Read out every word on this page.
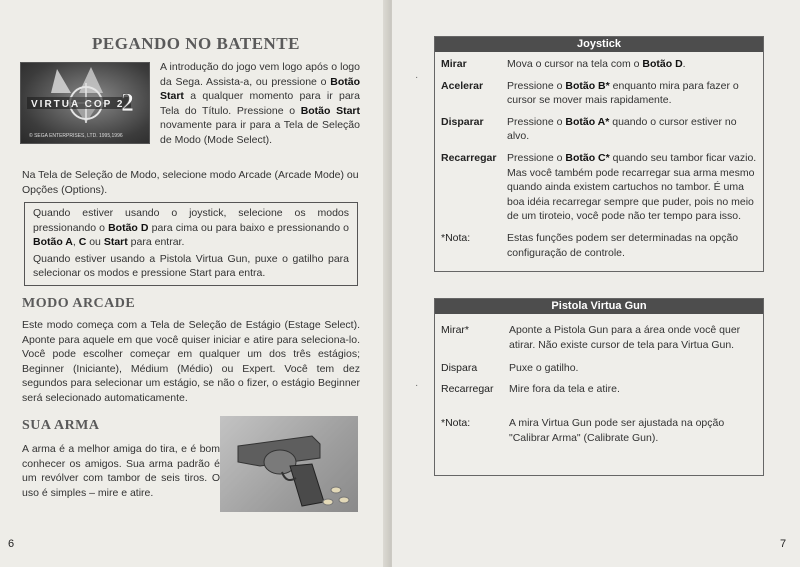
PEGANDO NO BATENTE
VIRTUA COP 2
2
© SEGA ENTERPRISES, LTD. 1995,1996

A introdução do jogo vem logo após o logo da Sega. Assista-a, ou pressione o Botão Start a qualquer momento para ir para Tela do Título. Pressione o Botão Start novamente para ir para a Tela de Seleção de Modo (Mode Select).

Na Tela de Seleção de Modo, selecione modo Arcade (Arcade Mode) ou Opções (Options).

Quando estiver usando o joystick, selecione os modos pressionando o Botão D para cima ou para baixo e pressionando o Botão A, C ou Start para entrar.

Quando estiver usando a Pistola Virtua Gun, puxe o gatilho para selecionar os modos e pressione Start para entra.

MODO ARCADE

Este modo começa com a Tela de Seleção de Estágio (Estage Select). Aponte para aquele em que você quiser iniciar e atire para seleciona-lo. Você pode escolher começar em qualquer um dos três estágios; Beginner (Iniciante), Médium (Médio) ou Expert. Você tem dez segundos para selecionar um estágio, se não o fizer, o estágio Beginner será selecionado automaticamente.

SUA ARMA

A arma é a melhor amiga do tira, e é bom conhecer os amigos. Sua arma padrão é um revólver com tambor de seis tiros. O uso é simples – mire e atire.

6
Joystick
Mirar	Mova o cursor na tela com o Botão D.
Acelerar	Pressione o Botão B* enquanto mira para fazer o cursor se mover mais rapidamente.
Disparar	Pressione o Botão A* quando o cursor estiver no alvo.
Recarregar	Pressione o Botão C* quando seu tambor ficar vazio. Mas você também pode recarregar sua arma mesmo quando ainda existem cartuchos no tambor. É uma boa idéia recarregar sempre que puder, pois no meio de um tiroteio, você pode não ter tempo para isso.
*Nota:	Estas funções podem ser determinadas na opção configuração de controle.
Pistola Virtua Gun
Mirar*	Aponte a Pistola Gun para a área onde você quer atirar. Não existe cursor de tela para Virtua Gun.
Dispara	Puxe o gatilho.
Recarregar	Mire fora da tela e atire.
*Nota:	A mira Virtua Gun pode ser ajustada na opção "Calibrar Arma" (Calibrate Gun).
·
·
7
